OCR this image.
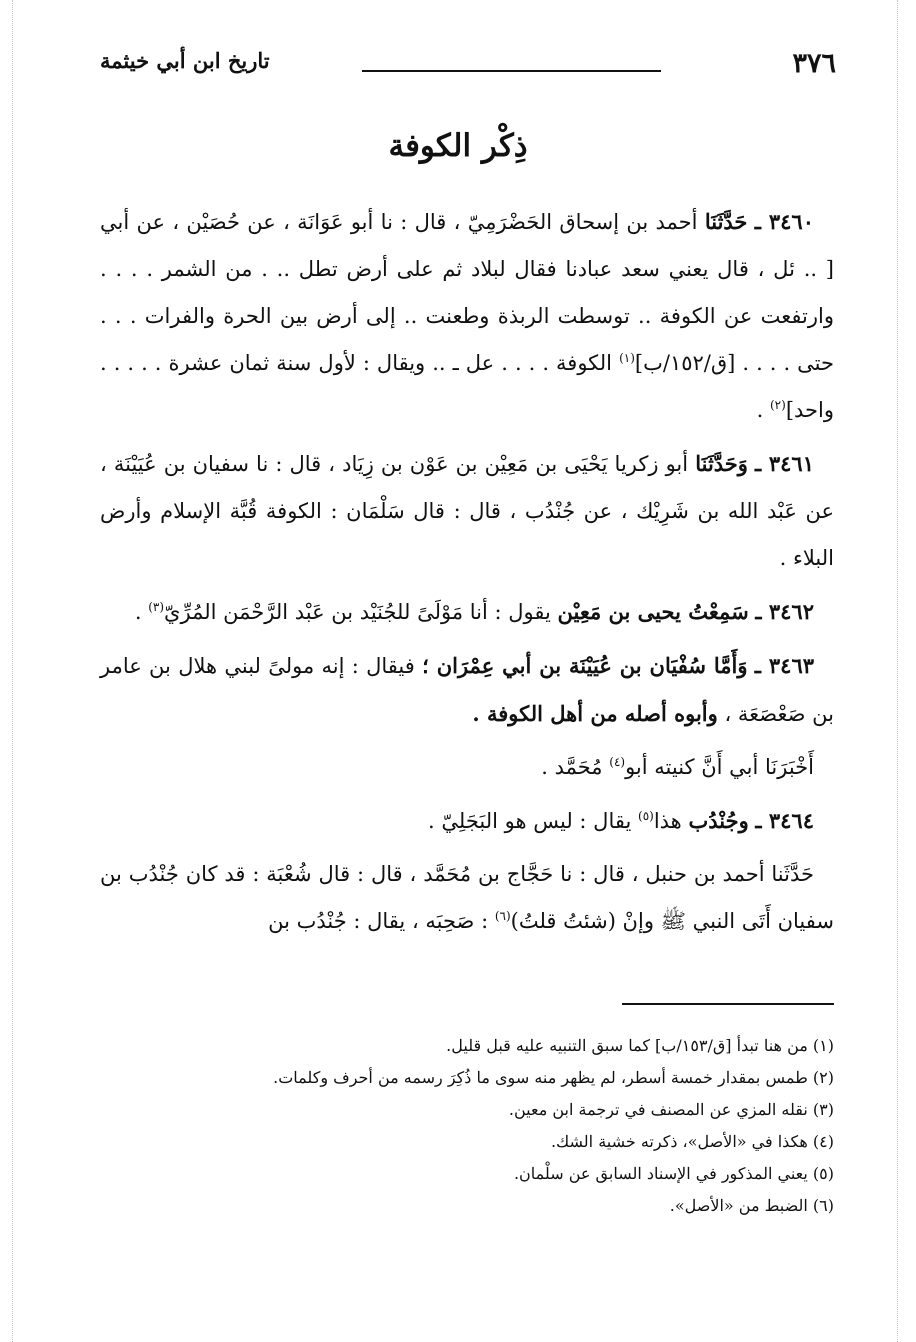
٣٧٦
تاريخ ابن أبي خيثمة
ذِكْر الكوفة

٣٤٦٠ ـ حَدَّثَنَا أحمد بن إسحاق الحَضْرَمِيّ ، قال : نا أبو عَوَانَة ، عن حُصَيْن ، عن أبي [ .. ئل ، قال يعني سعد عبادنا فقال لبلاد ثم على أرض تطل .. . من الشمر . . . . وارتفعت عن الكوفة .. توسطت الربذة وطعنت .. إلى أرض بين الحرة والفرات . . . حتى . . . . [ق/١٥٢/ب]$^{(١)}$ الكوفة . . . . عل ـ .. ويقال : لأول سنة ثمان عشرة . . . . . واحد]$^{(٢)}$ .

٣٤٦١ ـ وَحَدَّثَنَا أبو زكريا يَحْيَى بن مَعِيْن بن عَوْن بن زِيَاد ، قال : نا سفيان بن عُيَيْنَة ، عن عَبْد الله بن شَرِيْك ، عن جُنْدُب ، قال : قال سَلْمَان : الكوفة قُبَّة الإسلام وأرض البلاء .

٣٤٦٢ ـ سَمِعْتُ يحيى بن مَعِيْن يقول : أنا مَوْلَىً للجُنَيْد بن عَبْد الرَّحْمَن المُرِّيّ$^{(٣)}$ .

٣٤٦٣ ـ وَأَمَّا سُفْيَان بن عُيَيْنَة بن أبي عِمْرَان ؛ فيقال : إنه مولىً لبني هلال بن عامر بن صَعْصَعَة ، وأبوه أصله من أهل الكوفة .

أَخْبَرَنَا أبي أَنَّ كنيته أبو$^{(٤)}$ مُحَمَّد .

٣٤٦٤ ـ وجُنْدُب هذا$^{(٥)}$ يقال : ليس هو البَجَلِيّ .

حَدَّثَنا أحمد بن حنبل ، قال : نا حَجَّاج بن مُحَمَّد ، قال : قال شُعْبَة : قد كان جُنْدُب بن سفيان أَتَى النبي ﷺ وإنْ (شئتُ قلتُ)$^{(٦)}$ : صَحِبَه ، يقال : جُنْدُب بن

(١) من هنا تبدأ [ق/١٥٣/ب] كما سبق التنبيه عليه قبل قليل.

(٢) طمس بمقدار خمسة أسطر، لم يظهر منه سوى ما ذُكِرَ رسمه من أحرف وكلمات.

(٣) نقله المزي عن المصنف في ترجمة ابن معين.

(٤) هكذا في «الأصل»، ذكرته خشية الشك.

(٥) يعني المذكور في الإسناد السابق عن سلْمان.

(٦) الضبط من «الأصل».
